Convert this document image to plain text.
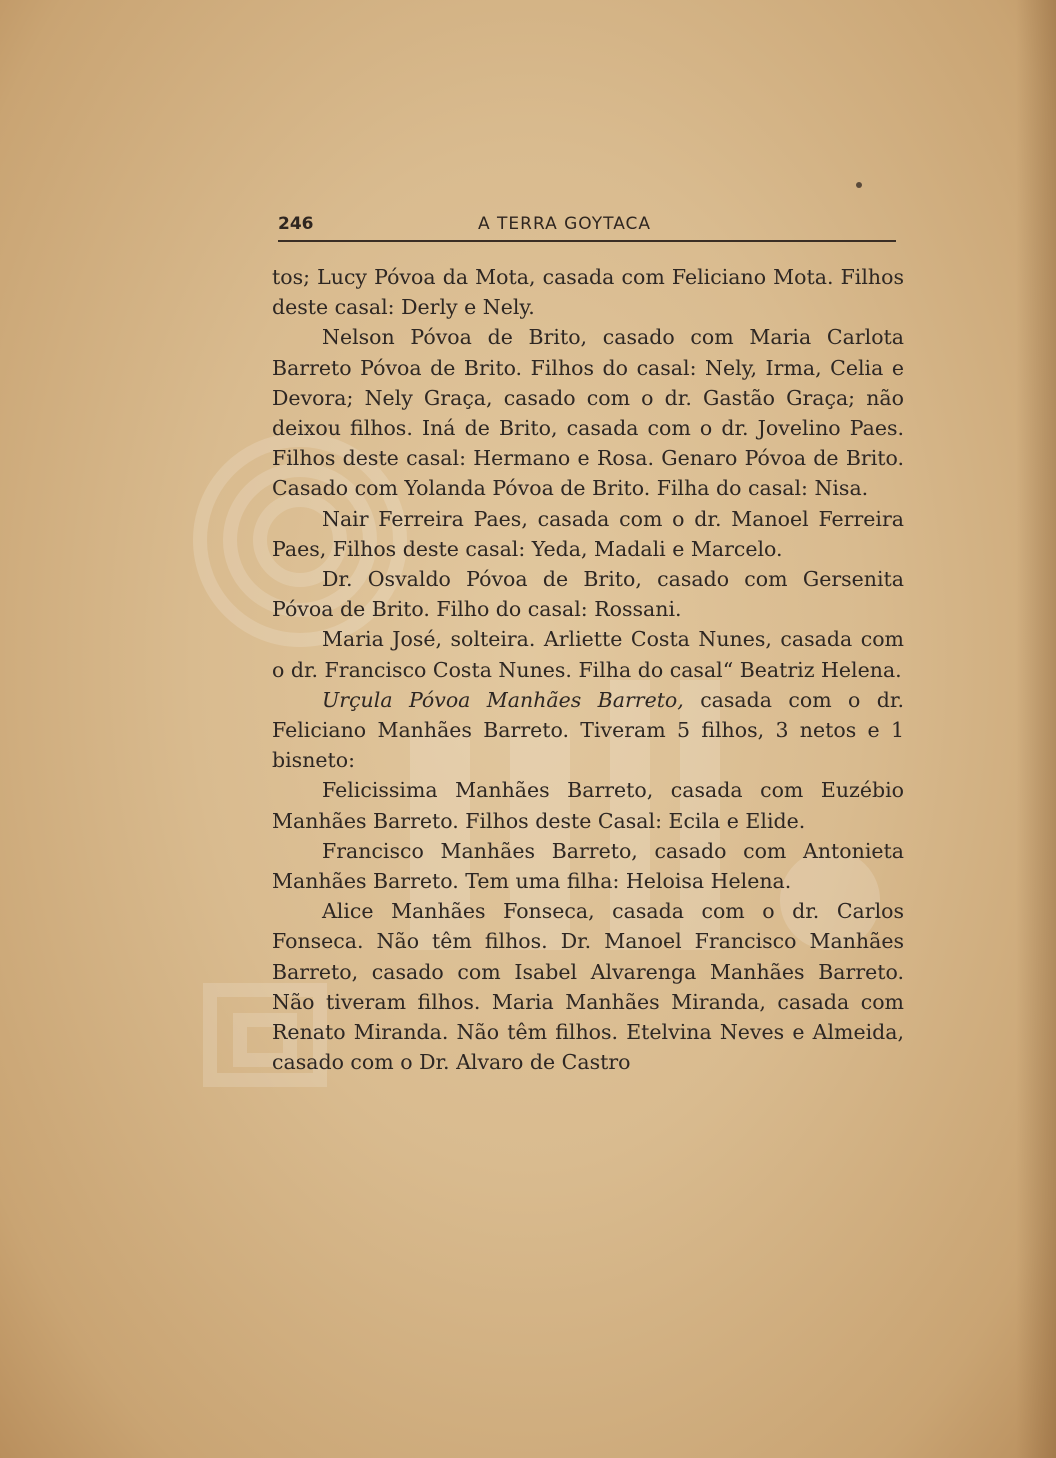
246	A TERRA GOYTACA

tos; Lucy Póvoa da Mota, casada com Feliciano Mota. Filhos deste casal: Derly e Nely.

Nelson Póvoa de Brito, casado com Maria Carlota Barreto Póvoa de Brito. Filhos do casal: Nely, Irma, Celia e Devora; Nely Graça, casado com o dr. Gastão Graça; não deixou filhos. Iná de Brito, casada com o dr. Jovelino Paes. Filhos deste casal: Hermano e Rosa. Genaro Póvoa de Brito. Casado com Yolanda Póvoa de Brito. Filha do casal: Nisa.

Nair Ferreira Paes, casada com o dr. Manoel Ferreira Paes, Filhos deste casal: Yeda, Madali e Marcelo.

Dr. Osvaldo Póvoa de Brito, casado com Gersenita Póvoa de Brito. Filho do casal: Rossani.

Maria José, solteira. Arliette Costa Nunes, casada com o dr. Francisco Costa Nunes. Filha do casal“ Beatriz Helena.

Urçula Póvoa Manhães Barreto, casada com o dr. Feliciano Manhães Barreto. Tiveram 5 filhos, 3 netos e 1 bisneto:

Felicissima Manhães Barreto, casada com Euzébio Manhães Barreto. Filhos deste Casal: Ecila e Elide.

Francisco Manhães Barreto, casado com Antonieta Manhães Barreto. Tem uma filha: Heloisa Helena.

Alice Manhães Fonseca, casada com o dr. Carlos Fonseca. Não têm filhos. Dr. Manoel Francisco Manhães Barreto, casado com Isabel Alvarenga Manhães Barreto. Não tiveram filhos. Maria Manhães Miranda, casada com Renato Miranda. Não têm filhos. Etelvina Neves e Almeida, casado com o Dr. Alvaro de Castro
